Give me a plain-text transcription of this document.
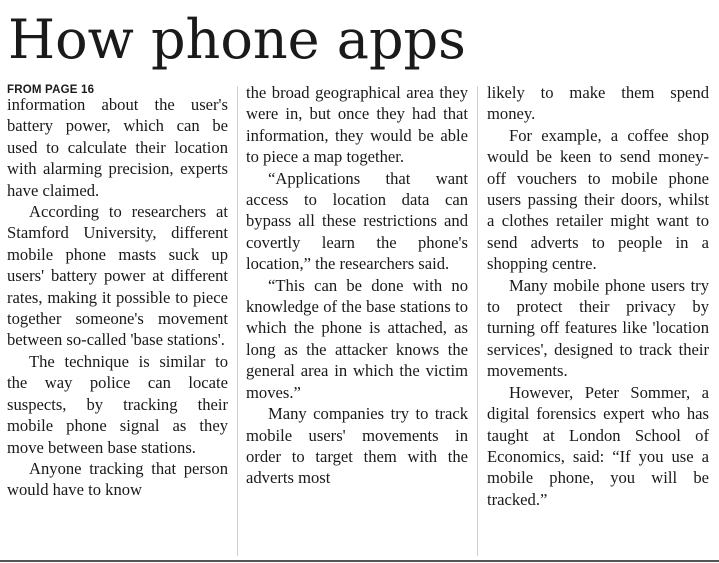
How phone apps
FROM PAGE 16

information about the user's battery power, which can be used to calculate their location with alarming precision, experts have claimed.

According to researchers at Stamford University, different mobile phone masts suck up users' battery power at different rates, making it possible to piece together someone's movement between so-called 'base stations'.

The technique is similar to the way police can locate suspects, by tracking their mobile phone signal as they move between base stations.

Anyone tracking that person would have to know

the broad geographical area they were in, but once they had that information, they would be able to piece a map together.

“Applications that want access to location data can bypass all these restrictions and covertly learn the phone's location,” the researchers said.

“This can be done with no knowledge of the base stations to which the phone is attached, as long as the attacker knows the general area in which the victim moves.”

Many companies try to track mobile users' movements in order to target them with the adverts most

likely to make them spend money.

For example, a coffee shop would be keen to send money-off vouchers to mobile phone users passing their doors, whilst a clothes retailer might want to send adverts to people in a shopping centre.

Many mobile phone users try to protect their privacy by turning off features like 'location services', designed to track their movements.

However, Peter Sommer, a digital forensics expert who has taught at London School of Economics, said: “If you use a mobile phone, you will be tracked.”
